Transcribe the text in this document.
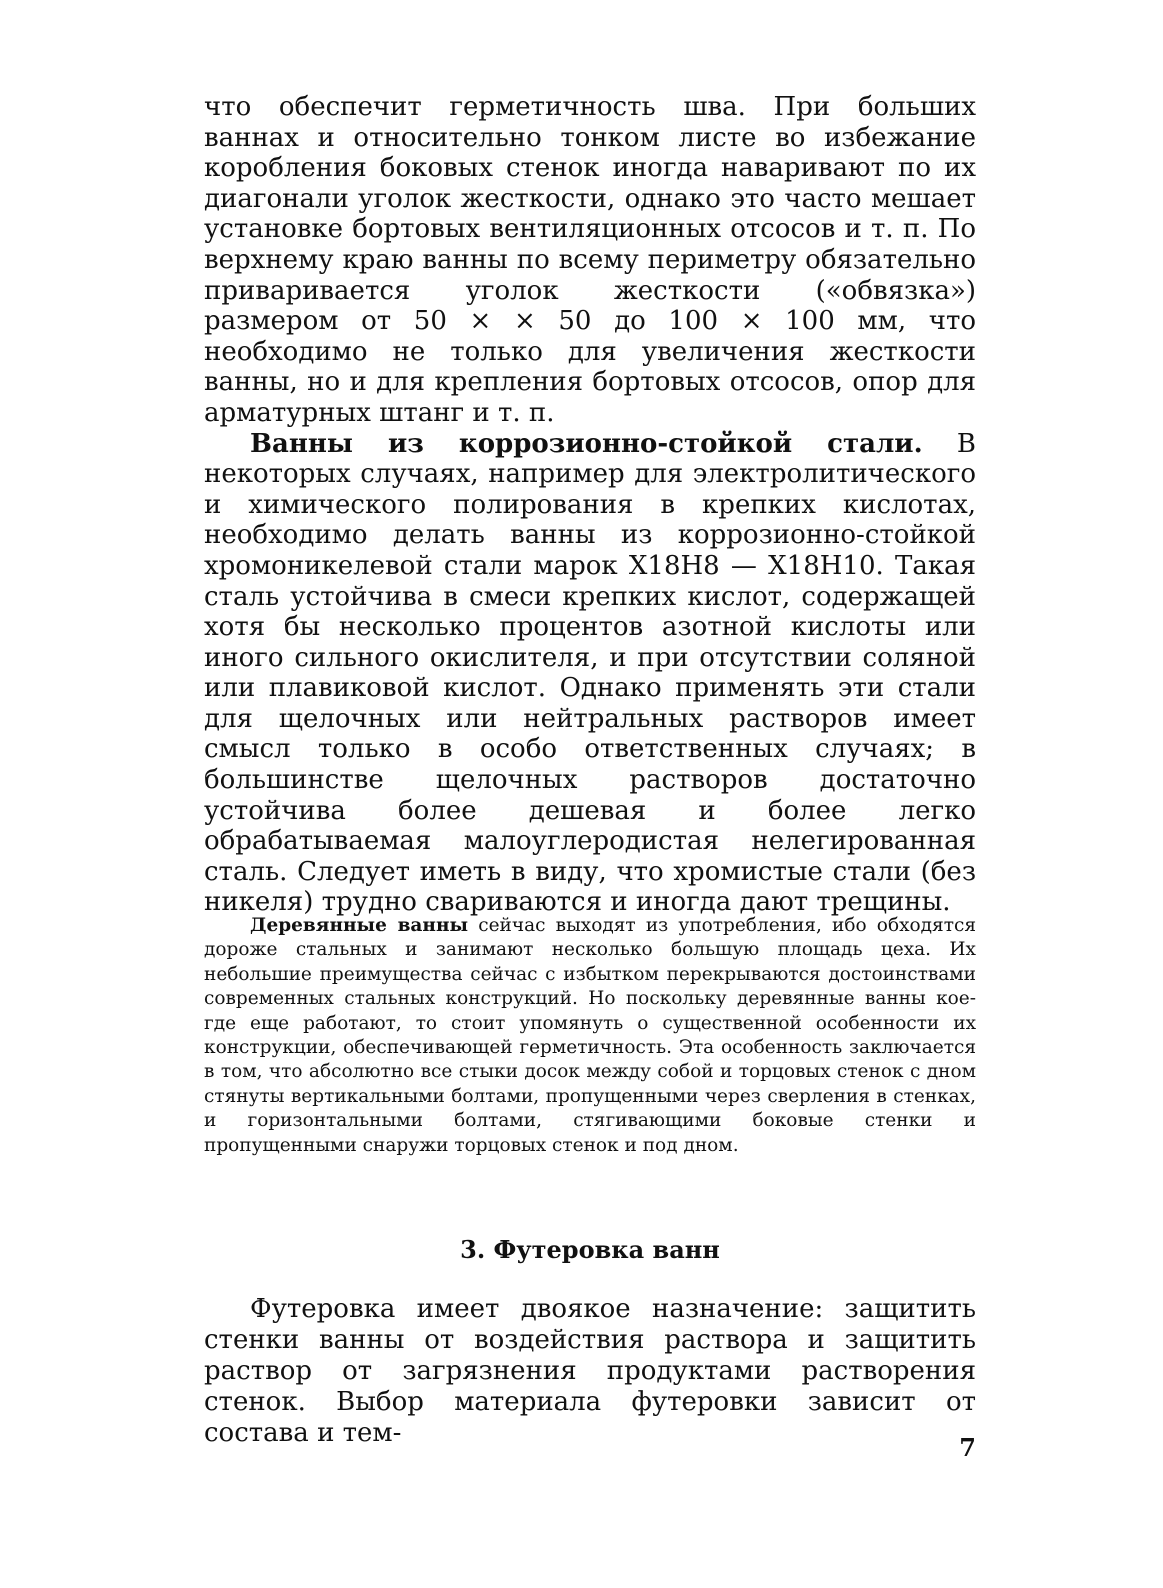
что обеспечит герметичность шва. При больших ваннах и относительно тонком листе во избежание коробления боковых стенок иногда наваривают по их диагонали уголок жесткости, однако это часто мешает установке бортовых вентиляционных отсосов и т. п. По верхнему краю ванны по всему периметру обязательно приваривается уголок жесткости («обвязка») размером от 50 × × 50 до 100 × 100 мм, что необходимо не только для увеличения жесткости ванны, но и для крепления бортовых отсосов, опор для арматурных штанг и т. п.

Ванны из коррозионно-стойкой стали. В некоторых случаях, например для электролитического и химического полирования в крепких кислотах, необходимо делать ванны из коррозионно-стойкой хромоникелевой стали марок Х18Н8 — Х18Н10. Такая сталь устойчива в смеси крепких кислот, содержащей хотя бы несколько процентов азотной кислоты или иного сильного окислителя, и при отсутствии соляной или плавиковой кислот. Однако применять эти стали для щелочных или нейтральных растворов имеет смысл только в особо ответственных случаях; в большинстве щелочных растворов достаточно устойчива более дешевая и более легко обрабатываемая малоуглеродистая нелегированная сталь. Следует иметь в виду, что хромистые стали (без никеля) трудно свариваются и иногда дают трещины.

Деревянные ванны сейчас выходят из употребления, ибо обходятся дороже стальных и занимают несколько большую площадь цеха. Их небольшие преимущества сейчас с избытком перекрываются достоинствами современных стальных конструкций. Но поскольку деревянные ванны кое-где еще работают, то стоит упомянуть о существенной особенности их конструкции, обеспечивающей герметичность. Эта особенность заключается в том, что абсолютно все стыки досок между собой и торцовых стенок с дном стянуты вертикальными болтами, пропущенными через сверления в стенках, и горизонтальными болтами, стягивающими боковые стенки и пропущенными снаружи торцовых стенок и под дном.

3. Футеровка ванн

Футеровка имеет двоякое назначение: защитить стенки ванны от воздействия раствора и защитить раствор от загрязнения продуктами растворения стенок. Выбор материала футеровки зависит от состава и тем-	7
